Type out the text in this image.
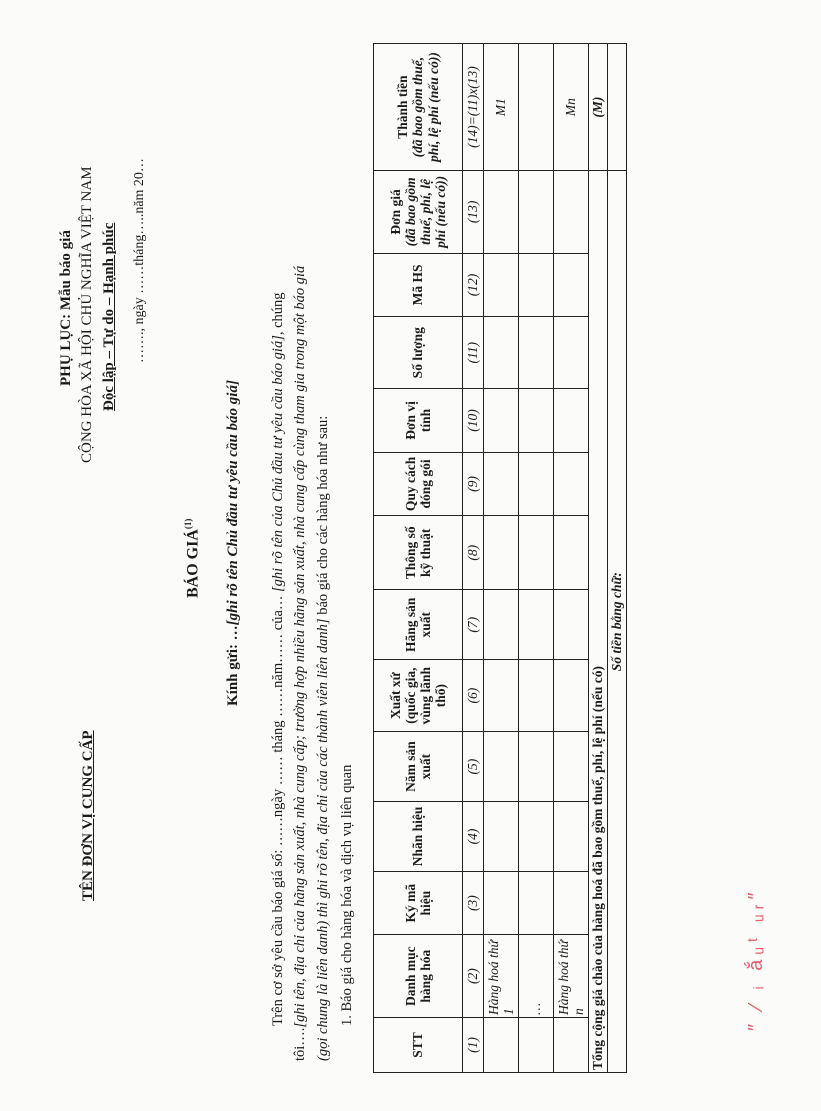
TÊN ĐƠN VỊ CUNG CẤP
PHỤ LỤC: Mẫu báo giá CỘNG HÒA XÃ HỘI CHỦ NGHĨA VIỆT NAM Độc lập – Tự do – Hạnh phúc ……., ngày ……tháng…..năm 20…
BÁO GIÁ$^{(1)}$
Kính gửi: …[ghi rõ tên Chủ đầu tư yêu cầu báo giá]
Trên cơ sở yêu cầu báo giá số: ……ngày …… tháng ……năm…… của… [ghi rõ tên của Chủ đầu tư yêu cầu báo giá], chúng
tôi….[ghi tên, địa chỉ của hãng sản xuất, nhà cung cấp; trường hợp nhiều hãng sản xuất, nhà cung cấp cùng tham gia trong một báo giá (gọi chung là liên danh) thì ghi rõ tên, địa chỉ của các thành viên liên danh] báo giá cho các hàng hóa như sau:
1. Báo giá cho hàng hóa và dịch vụ liên quan
STT	Danh mục hàng hóa	Ký mã hiệu	Nhãn hiệu	Năm sản xuất	Xuất xứ (quốc gia, vùng lãnh thổ)	Hãng sản xuất	Thông số kỹ thuật	Quy cách đóng gói	Đơn vị tính	Số lượng	Mã HS	Đơn giá (đã bao gồm thuế, phí, lệ phí (nếu có))	Thành tiền (đã bao gồm thuế, phí, lệ phí (nếu có))

(1)	(2)	(3)	(4)	(5)	(6)	(7)	(8)	(9)	(10)	(11)	(12)	(13)	(14)=(11)x(13)
	Hàng hoá thứ 1												M1
	…												
	Hàng hoá thứ n												Mn
Tổng cộng giá chào của hàng hoá đã bao gồm thuế, phí, lệ phí (nếu có)													(M)
Số tiền bằng chữ:													
″ ⁄ ᵢ ắᵤᵗ ᵤᵣ″
